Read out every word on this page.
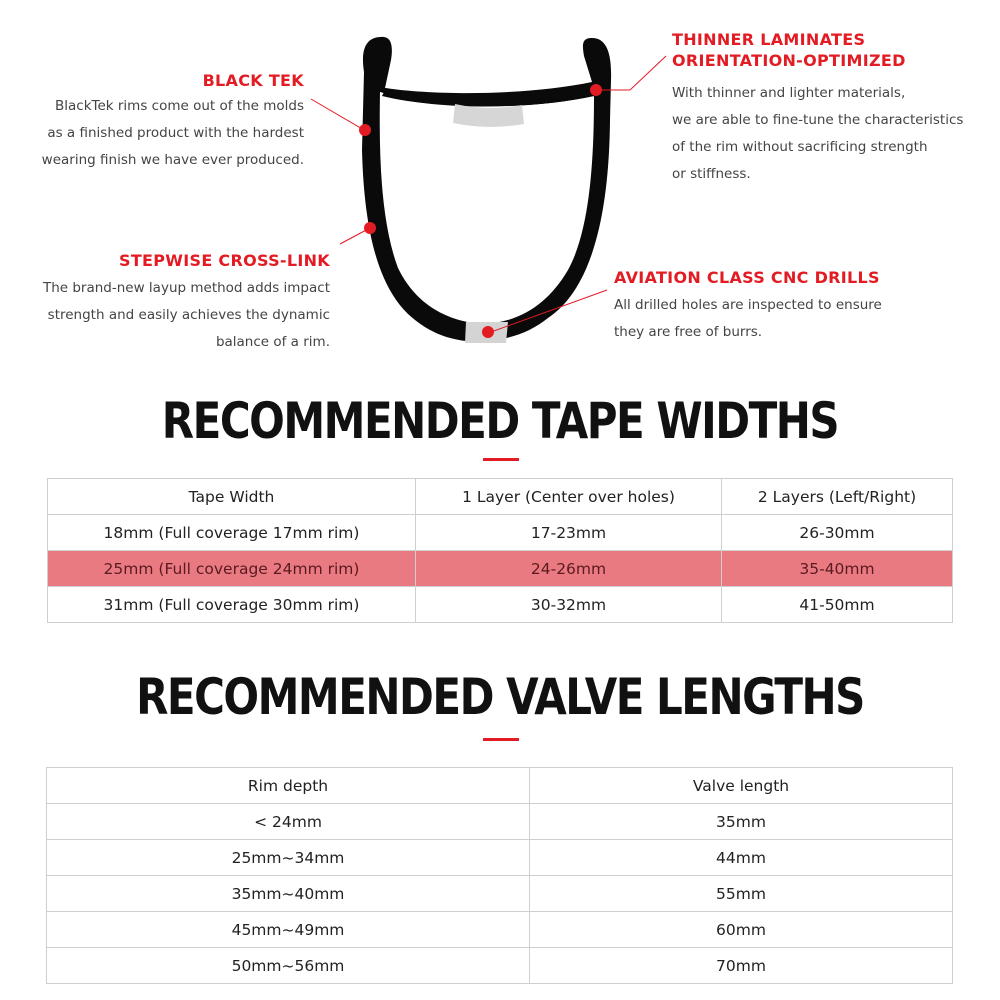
BLACK TEK
BlackTek rims come out of the molds
as a finished product with the hardest
wearing finish we have ever produced.
STEPWISE CROSS-LINK
The brand-new layup method adds impact
strength and easily achieves the dynamic
balance of a rim.
THINNER LAMINATES
ORIENTATION-OPTIMIZED
With thinner and lighter materials,
we are able to fine-tune the characteristics
of the rim without sacrificing strength
or stiffness.
AVIATION CLASS CNC DRILLS
All drilled holes are inspected to ensure
they are free of burrs.
RECOMMENDED TAPE WIDTHS
Tape Width	1 Layer (Center over holes)	2 Layers (Left/Right)
18mm (Full coverage 17mm rim)	17-23mm	26-30mm
25mm (Full coverage 24mm rim)	24-26mm	35-40mm
31mm (Full coverage 30mm rim)	30-32mm	41-50mm
RECOMMENDED VALVE LENGTHS
Rim depth	Valve length
< 24mm	35mm
25mm~34mm	44mm
35mm~40mm	55mm
45mm~49mm	60mm
50mm~56mm	70mm
